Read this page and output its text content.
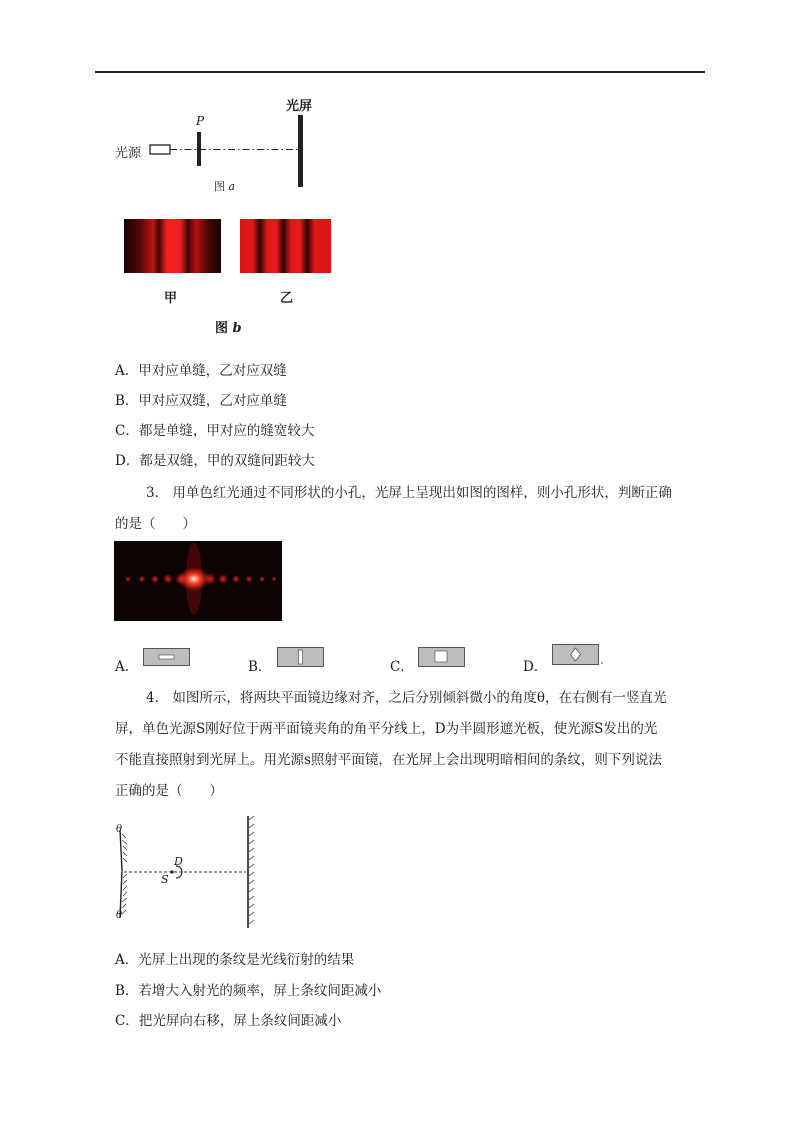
光源
P
光屏
图 a
甲	乙
图 b
A．甲对应单缝，乙对应双缝
B．甲对应双缝，乙对应单缝
C．都是单缝，甲对应的缝宽较大
D．都是双缝，甲的双缝间距较大
3.　用单色红光通过不同形状的小孔，光屏上呈现出如图的图样，则小孔形状，判断正确
的是（　　）
A．	B．	C．	D．
4.　如图所示，将两块平面镜边缘对齐，之后分别倾斜微小的角度θ，在右侧有一竖直光
屏，单色光源S刚好位于两平面镜夹角的角平分线上，D为半圆形遮光板，使光源S发出的光
不能直接照射到光屏上。用光源s照射平面镜，在光屏上会出现明暗相间的条纹，则下列说法
正确的是（　　）
θ
θ
D
S
A．光屏上出现的条纹是光线衍射的结果
B．若增大入射光的频率，屏上条纹间距减小
C．把光屏向右移，屏上条纹间距减小
